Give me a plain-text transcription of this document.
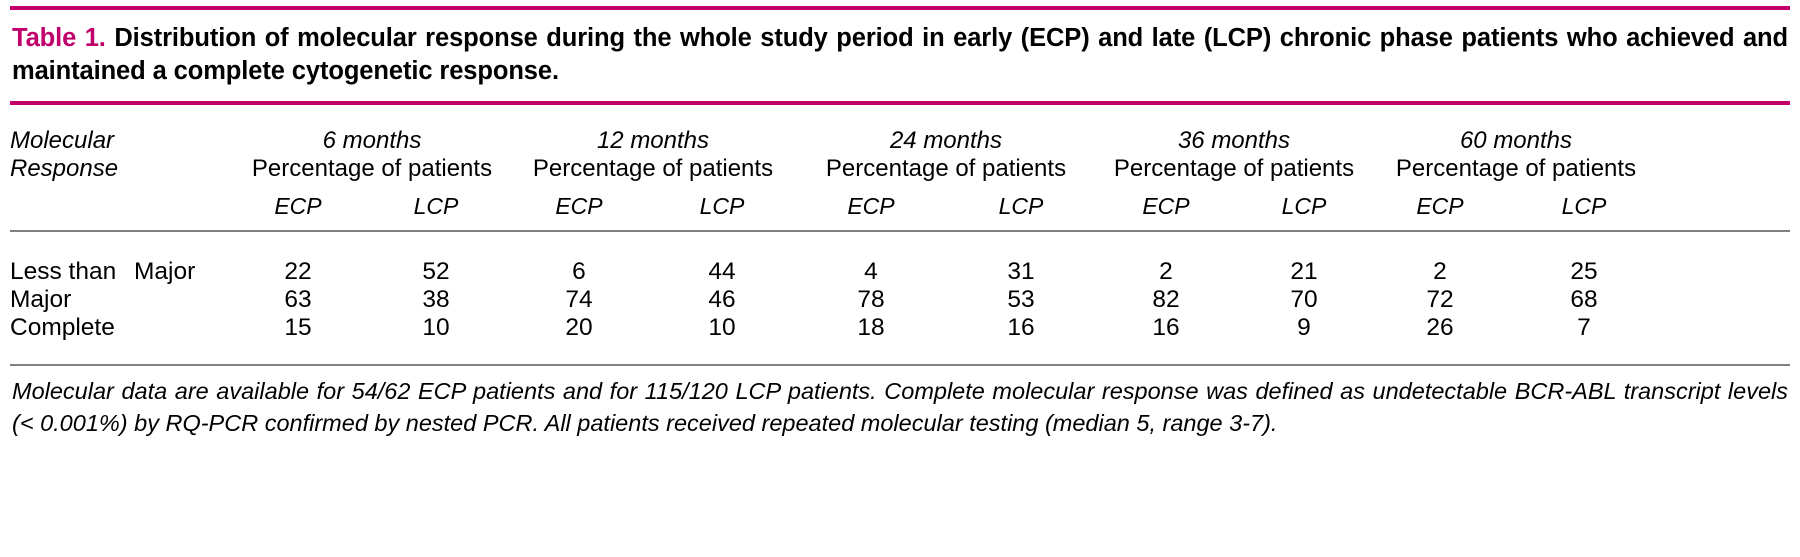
Table 1. Distribution of molecular response during the whole study period in early (ECP) and late (LCP) chronic phase patients who achieved and maintained a complete cytogenetic response.

Molecular
Response		6 months		12 months		24 months		36 months		60 months		
		Percentage of patients		Percentage of patients		Percentage of patients		Percentage of patients		Percentage of patients		

		ECP	LCP	ECP	LCP	ECP	LCP	ECP	LCP	ECP	LCP	

Less than	Major	22	52	6	44	4	31	2	21	2	25	
Major		63	38	74	46	78	53	82	70	72	68	
Complete		15	10	20	10	18	16	16	9	26	7	

Molecular data are available for 54/62 ECP patients and for 115/120 LCP patients. Complete molecular response was defined as undetectable BCR-ABL transcript levels (< 0.001%) by RQ-PCR confirmed by nested PCR. All patients received repeated molecular testing (median 5, range 3-7).
